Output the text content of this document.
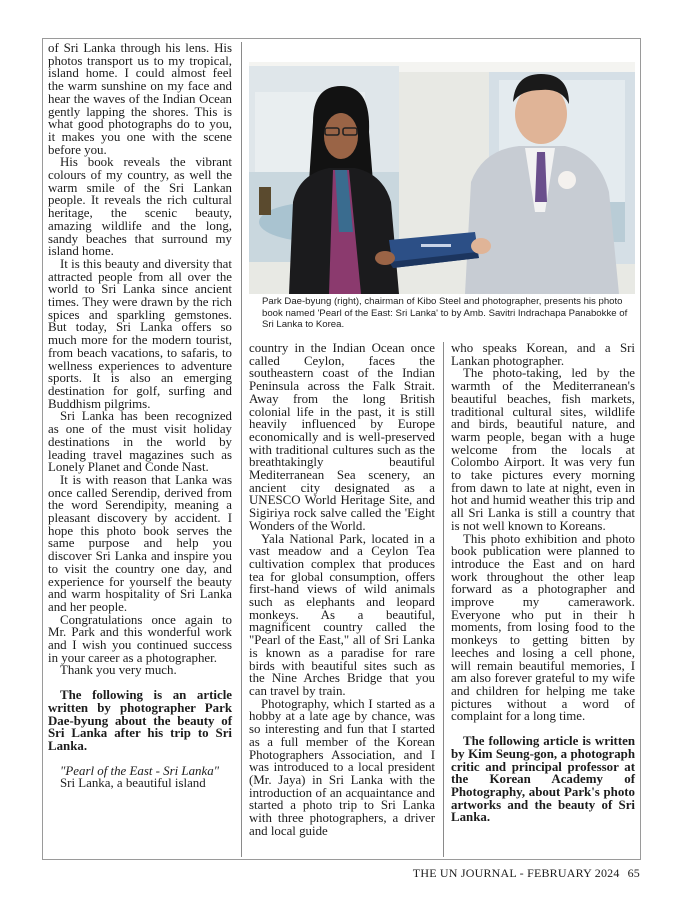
of Sri Lanka through his lens. His photos transport us to my tropical, island home. I could almost feel the warm sunshine on my face and hear the waves of the Indian Ocean gently lapping the shores. This is what good photographs do to you, it makes you one with the scene before you.

His book reveals the vibrant colours of my country, as well the warm smile of the Sri Lankan people. It reveals the rich cultural heritage, the scenic beauty, amazing wildlife and the long, sandy beaches that surround my island home.

It is this beauty and diversity that attracted people from all over the world to Sri Lanka since ancient times. They were drawn by the rich spices and sparkling gemstones. But today, Sri Lanka offers so much more for the modern tourist, from beach vacations, to safaris, to wellness experiences to adventure sports. It is also an emerging destination for golf, surfing and Buddhism pilgrims.

Sri Lanka has been recognized as one of the must visit holiday destinations in the world by leading travel magazines such as Lonely Planet and Conde Nast.

It is with reason that Lanka was once called Serendip, derived from the word Serendipity, meaning a pleasant discovery by accident. I hope this photo book serves the same purpose and help you discover Sri Lanka and inspire you to visit the country one day, and experience for yourself the beauty and warm hospitality of Sri Lanka and her people.

Congratulations once again to Mr. Park and this wonderful work and I wish you continued success in your career as a photographer.

Thank you very much.

The following is an article written by photographer Park Dae-byung about the beauty of Sri Lanka after his trip to Sri Lanka.

"Pearl of the East - Sri Lanka"

Sri Lanka, a beautiful island

Park Dae-byung (right), chairman of Kibo Steel and photographer, presents his photo book named 'Pearl of the East: Sri Lanka' to by Amb. Savitri Indrachapa Panabokke of Sri Lanka to Korea.

country in the Indian Ocean once called Ceylon, faces the southeastern coast of the Indian Peninsula across the Falk Strait. Away from the long British colonial life in the past, it is still heavily influenced by Europe economically and is well-preserved with traditional cultures such as the breathtakingly beautiful Mediterranean Sea scenery, an ancient city designated as a UNESCO World Heritage Site, and Sigiriya rock salve called the 'Eight Wonders of the World.

Yala National Park, located in a vast meadow and a Ceylon Tea cultivation complex that produces tea for global consumption, offers first-hand views of wild animals such as elephants and leopard monkeys. As a beautiful, magnificent country called the "Pearl of the East," all of Sri Lanka is known as a paradise for rare birds with beautiful sites such as the Nine Arches Bridge that you can travel by train.

Photography, which I started as a hobby at a late age by chance, was so interesting and fun that I started as a full member of the Korean Photographers Association, and I was introduced to a local president (Mr. Jaya) in Sri Lanka with the introduction of an acquaintance and started a photo trip to Sri Lanka with three photographers, a driver and local guide

who speaks Korean, and a Sri Lankan photographer.

The photo-taking, led by the warmth of the Mediterranean's beautiful beaches, fish markets, traditional cultural sites, wildlife and birds, beautiful nature, and warm people, began with a huge welcome from the locals at Colombo Airport. It was very fun to take pictures every morning from dawn to late at night, even in hot and humid weather this trip and all Sri Lanka is still a country that is not well known to Koreans.

This photo exhibition and photo book publication were planned to introduce the East and on hard work throughout the other leap forward as a photographer and improve my camerawork. Everyone who put in their h moments, from losing food to the monkeys to getting bitten by leeches and losing a cell phone, will remain beautiful memories, I am also forever grateful to my wife and children for helping me take pictures without a word of complaint for a long time.

The following article is written by Kim Seung-gon, a photograph critic and principal professor at the Korean Academy of Photography, about Park's photo artworks and the beauty of Sri Lanka.

THE UN JOURNAL - FEBRUARY 2024 65
